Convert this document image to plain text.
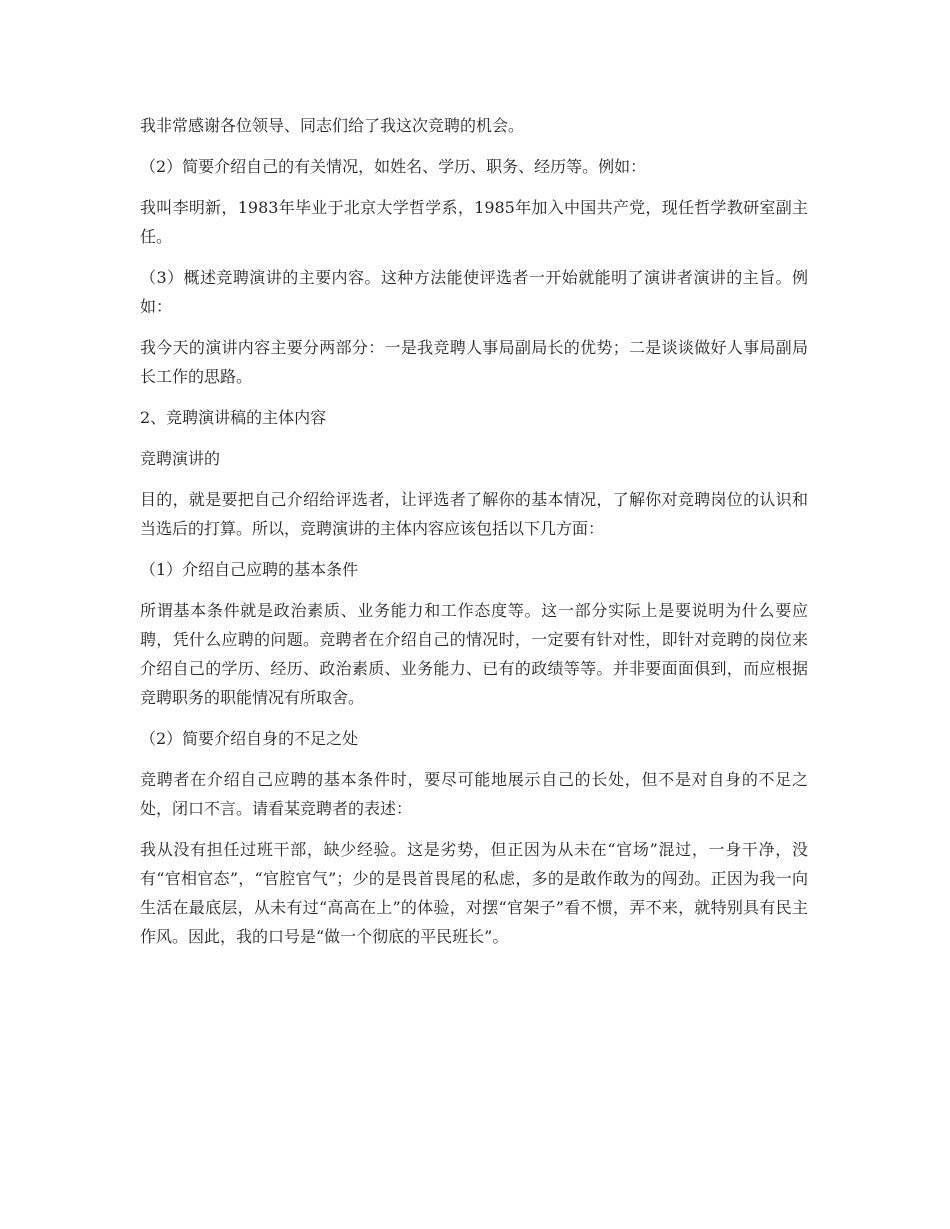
我非常感谢各位领导、同志们给了我这次竞聘的机会。

（2）简要介绍自己的有关情况，如姓名、学历、职务、经历等。例如：

我叫李明新，1983年毕业于北京大学哲学系，1985年加入中国共产党，现任哲学教研室副主任。

（3）概述竞聘演讲的主要内容。这种方法能使评选者一开始就能明了演讲者演讲的主旨。例如：

我今天的演讲内容主要分两部分：一是我竞聘人事局副局长的优势；二是谈谈做好人事局副局长工作的思路。

2、竞聘演讲稿的主体内容

竞聘演讲的

目的，就是要把自己介绍给评选者，让评选者了解你的基本情况，了解你对竞聘岗位的认识和当选后的打算。所以，竞聘演讲的主体内容应该包括以下几方面：

（1）介绍自己应聘的基本条件

所谓基本条件就是政治素质、业务能力和工作态度等。这一部分实际上是要说明为什么要应聘，凭什么应聘的问题。竞聘者在介绍自己的情况时，一定要有针对性，即针对竞聘的岗位来介绍自己的学历、经历、政治素质、业务能力、已有的政绩等等。并非要面面俱到，而应根据竞聘职务的职能情况有所取舍。

（2）简要介绍自身的不足之处

竞聘者在介绍自己应聘的基本条件时，要尽可能地展示自己的长处，但不是对自身的不足之处，闭口不言。请看某竞聘者的表述：

我从没有担任过班干部，缺少经验。这是劣势，但正因为从未在“官场”混过，一身干净，没有“官相官态”，“官腔官气”；少的是畏首畏尾的私虑，多的是敢作敢为的闯劲。正因为我一向生活在最底层，从未有过“高高在上”的体验，对摆“官架子”看不惯，弄不来，就特别具有民主作风。因此，我的口号是“做一个彻底的平民班长”。
